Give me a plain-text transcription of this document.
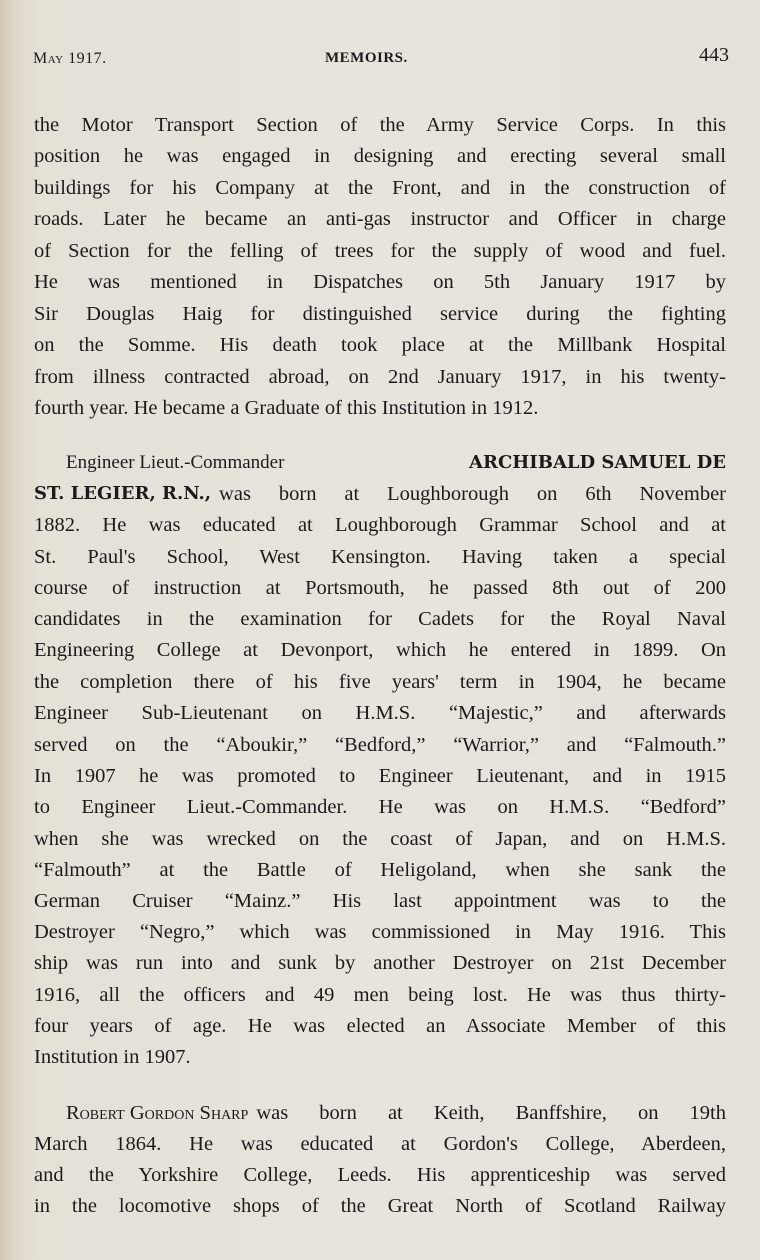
May 1917.	MEMOIRS.	443
the Motor Transport Section of the Army Service Corps. In this
position he was engaged in designing and erecting several small
buildings for his Company at the Front, and in the construction of
roads. Later he became an anti-gas instructor and Officer in charge
of Section for the felling of trees for the supply of wood and fuel.
He was mentioned in Dispatches on 5th January 1917 by
Sir Douglas Haig for distinguished service during the fighting
on the Somme. His death took place at the Millbank Hospital
from illness contracted abroad, on 2nd January 1917, in his twenty-
fourth year. He became a Graduate of this Institution in 1912.
Engineer Lieut.-Commander	ARCHIBALD SAMUEL DE
ST. LEGIER, R.N., was born at Loughborough on 6th November
1882. He was educated at Loughborough Grammar School and at
St. Paul's School, West Kensington. Having taken a special
course of instruction at Portsmouth, he passed 8th out of 200
candidates in the examination for Cadets for the Royal Naval
Engineering College at Devonport, which he entered in 1899. On
the completion there of his five years' term in 1904, he became
Engineer Sub-Lieutenant on H.M.S. “Majestic,” and afterwards
served on the “Aboukir,” “Bedford,” “Warrior,” and “Falmouth.”
In 1907 he was promoted to Engineer Lieutenant, and in 1915
to Engineer Lieut.-Commander. He was on H.M.S. “Bedford”
when she was wrecked on the coast of Japan, and on H.M.S.
“Falmouth” at the Battle of Heligoland, when she sank the
German Cruiser “Mainz.” His last appointment was to the
Destroyer “Negro,” which was commissioned in May 1916. This
ship was run into and sunk by another Destroyer on 21st December
1916, all the officers and 49 men being lost. He was thus thirty-
four years of age. He was elected an Associate Member of this
Institution in 1907.
Robert Gordon Sharp was born at Keith, Banffshire, on 19th
March 1864. He was educated at Gordon's College, Aberdeen,
and the Yorkshire College, Leeds. His apprenticeship was served
in the locomotive shops of the Great North of Scotland Railway
